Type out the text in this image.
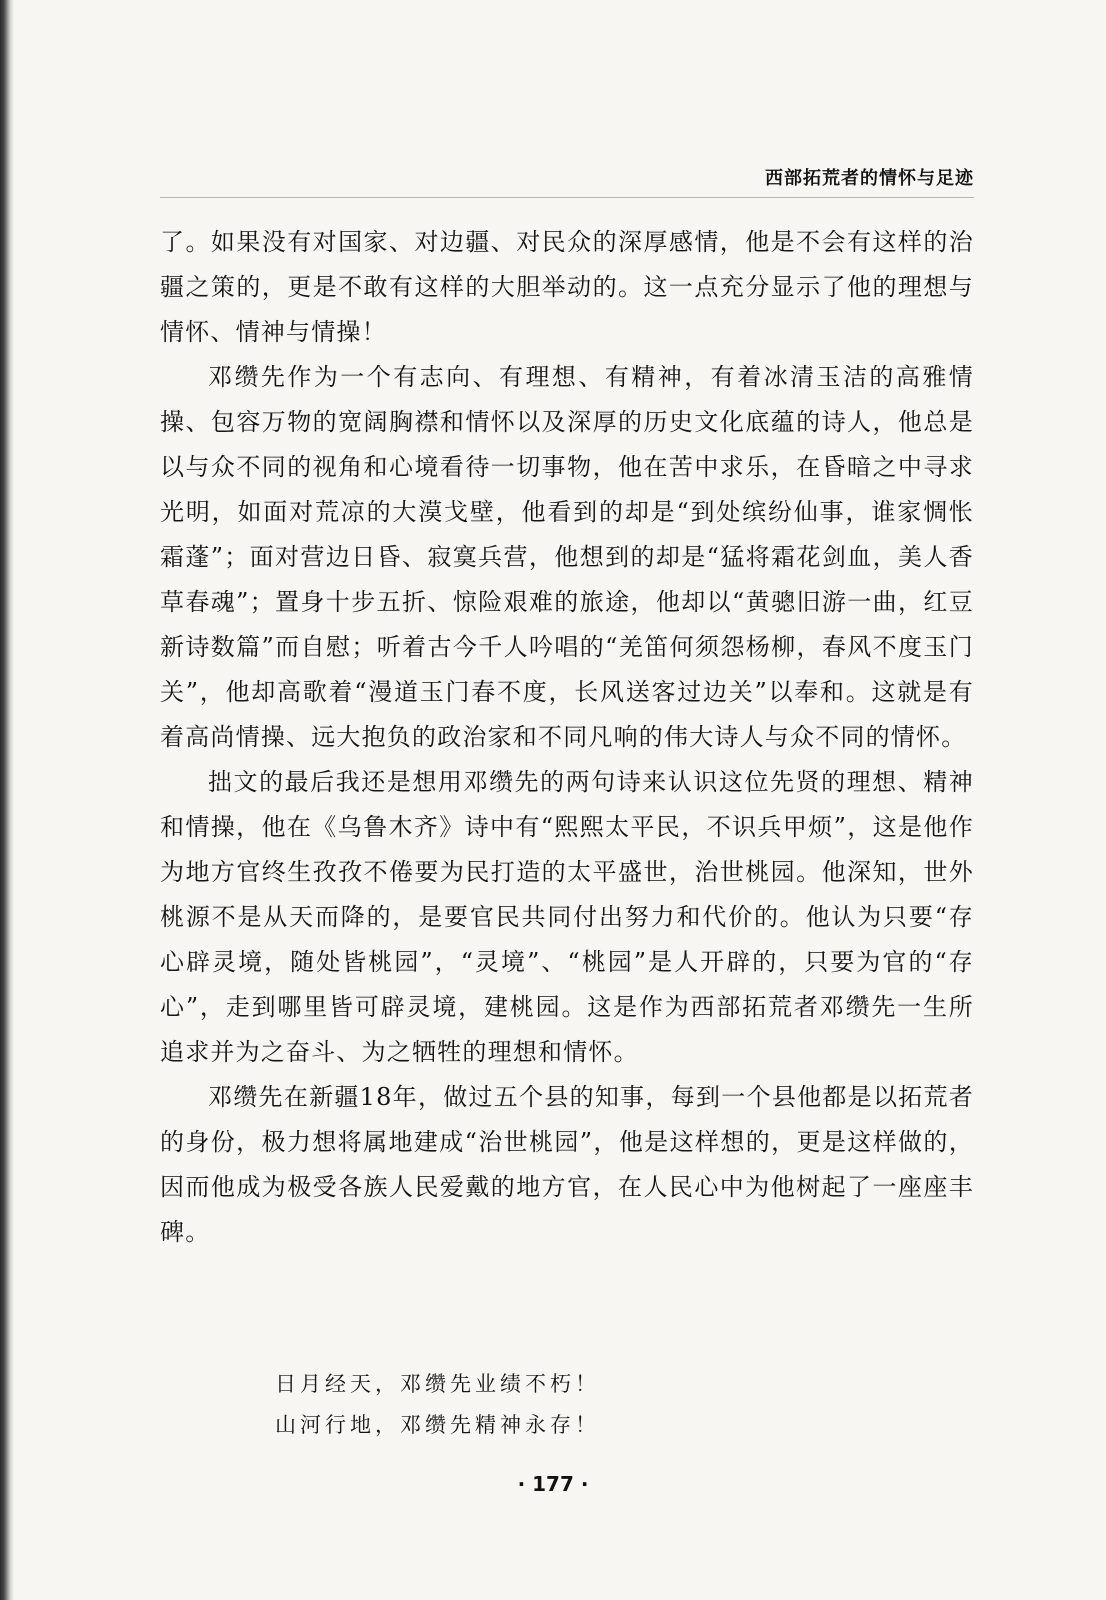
西部拓荒者的情怀与足迹

了。如果没有对国家、对边疆、对民众的深厚感情，他是不会有这样的治疆之策的，更是不敢有这样的大胆举动的。这一点充分显示了他的理想与情怀、情神与情操！

邓缵先作为一个有志向、有理想、有精神，有着冰清玉洁的高雅情操、包容万物的宽阔胸襟和情怀以及深厚的历史文化底蕴的诗人，他总是以与众不同的视角和心境看待一切事物，他在苦中求乐，在昏暗之中寻求光明，如面对荒凉的大漠戈壁，他看到的却是“到处缤纷仙事，谁家惆怅霜蓬”；面对营边日昏、寂寞兵营，他想到的却是“猛将霜花剑血，美人香草春魂”；置身十步五折、惊险艰难的旅途，他却以“黄骢旧游一曲，红豆新诗数篇”而自慰；听着古今千人吟唱的“羌笛何须怨杨柳，春风不度玉门关”，他却高歌着“漫道玉门春不度，长风送客过边关”以奉和。这就是有着高尚情操、远大抱负的政治家和不同凡响的伟大诗人与众不同的情怀。

拙文的最后我还是想用邓缵先的两句诗来认识这位先贤的理想、精神和情操，他在《乌鲁木齐》诗中有“熙熙太平民，不识兵甲烦”，这是他作为地方官终生孜孜不倦要为民打造的太平盛世，治世桃园。他深知，世外桃源不是从天而降的，是要官民共同付出努力和代价的。他认为只要“存心辟灵境，随处皆桃园”，“灵境”、“桃园”是人开辟的，只要为官的“存心”，走到哪里皆可辟灵境，建桃园。这是作为西部拓荒者邓缵先一生所追求并为之奋斗、为之牺牲的理想和情怀。

邓缵先在新疆18年，做过五个县的知事，每到一个县他都是以拓荒者的身份，极力想将属地建成“治世桃园”，他是这样想的，更是这样做的，因而他成为极受各族人民爱戴的地方官，在人民心中为他树起了一座座丰碑。

日月经天，邓缵先业绩不朽！
山河行地，邓缵先精神永存！
· 177 ·
